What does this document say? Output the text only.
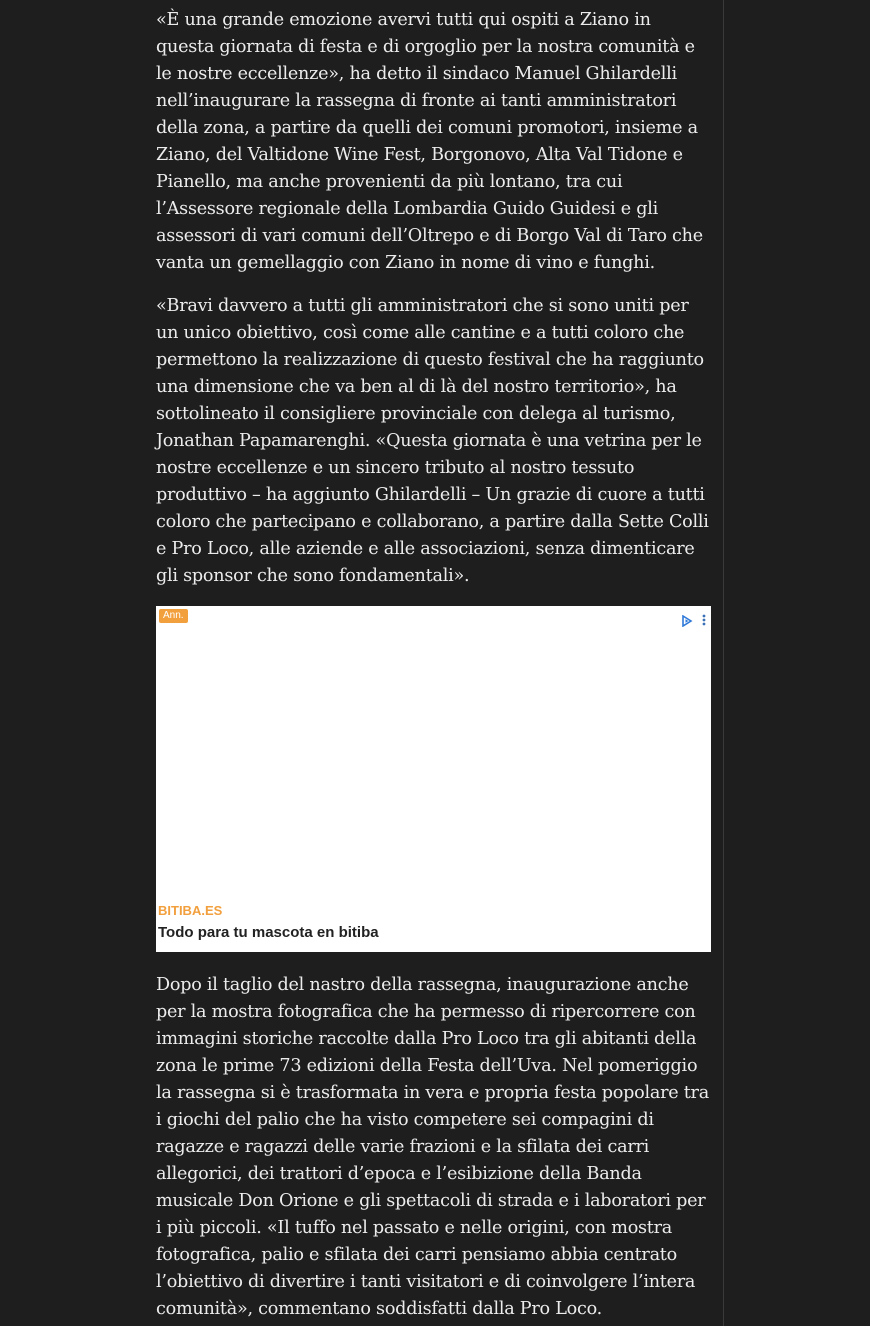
«È una grande emozione avervi tutti qui ospiti a Ziano in questa giornata di festa e di orgoglio per la nostra comunità e le nostre eccellenze», ha detto il sindaco Manuel Ghilardelli nell’inaugurare la rassegna di fronte ai tanti amministratori della zona, a partire da quelli dei comuni promotori, insieme a Ziano, del Valtidone Wine Fest, Borgonovo, Alta Val Tidone e Pianello, ma anche provenienti da più lontano, tra cui l’Assessore regionale della Lombardia Guido Guidesi e gli assessori di vari comuni dell’Oltrepo e di Borgo Val di Taro che vanta un gemellaggio con Ziano in nome di vino e funghi.

«Bravi davvero a tutti gli amministratori che si sono uniti per un unico obiettivo, così come alle cantine e a tutti coloro che permettono la realizzazione di questo festival che ha raggiunto una dimensione che va ben al di là del nostro territorio», ha sottolineato il consigliere provinciale con delega al turismo, Jonathan Papamarenghi. «Questa giornata è una vetrina per le nostre eccellenze e un sincero tributo al nostro tessuto produttivo – ha aggiunto Ghilardelli – Un grazie di cuore a tutti coloro che partecipano e collaborano, a partire dalla Sette Colli e Pro Loco, alle aziende e alle associazioni, senza dimenticare gli sponsor che sono fondamentali».

Ann.
BITIBA.ES
Todo para tu mascota en bitiba

Dopo il taglio del nastro della rassegna, inaugurazione anche per la mostra fotografica che ha permesso di ripercorrere con immagini storiche raccolte dalla Pro Loco tra gli abitanti della zona le prime 73 edizioni della Festa dell’Uva. Nel pomeriggio la rassegna si è trasformata in vera e propria festa popolare tra i giochi del palio che ha visto competere sei compagini di ragazze e ragazzi delle varie frazioni e la sfilata dei carri allegorici, dei trattori d’epoca e l’esibizione della Banda musicale Don Orione e gli spettacoli di strada e i laboratori per i più piccoli. «Il tuffo nel passato e nelle origini, con mostra fotografica, palio e sfilata dei carri pensiamo abbia centrato l’obiettivo di divertire i tanti visitatori e di coinvolgere l’intera comunità», commentano soddisfatti dalla Pro Loco.
